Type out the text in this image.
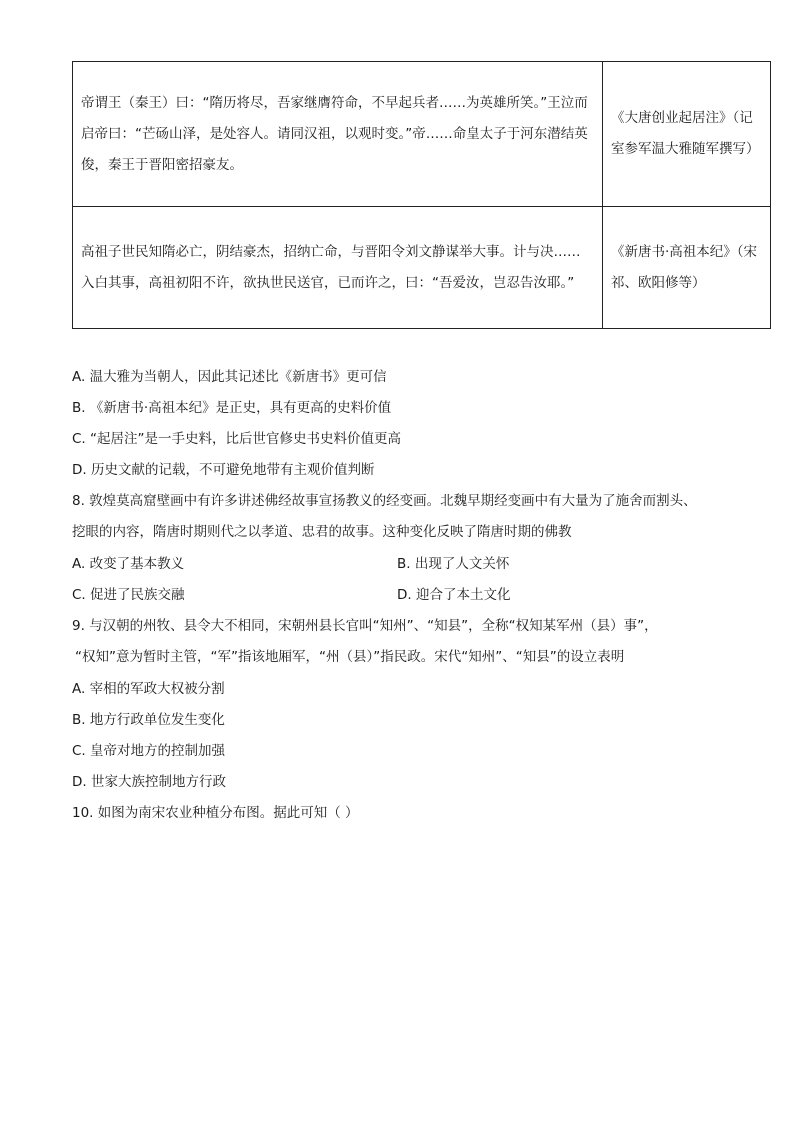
帝谓王（秦王）曰：“隋历将尽，吾家继膺符命，不早起兵者……为英雄所笑。”王泣而启帝曰：“芒砀山泽，是处容人。请同汉祖，以观时变。”帝……命皇太子于河东潜结英俊，秦王于晋阳密招豪友。	《大唐创业起居注》（记室参军温大雅随军撰写）
高祖子世民知隋必亡，阴结豪杰，招纳亡命，与晋阳令刘文静谋举大事。计与决……入白其事，高祖初阳不许，欲执世民送官，已而许之，曰：“吾爱汝，岂忍告汝耶。”	《新唐书·高祖本纪》（宋祁、欧阳修等）
A. 温大雅为当朝人，因此其记述比《新唐书》更可信
B. 《新唐书·高祖本纪》是正史，具有更高的史料价值
C. “起居注”是一手史料，比后世官修史书史料价值更高
D. 历史文献的记载，不可避免地带有主观价值判断
8. 敦煌莫高窟壁画中有许多讲述佛经故事宣扬教义的经变画。北魏早期经变画中有大量为了施舍而割头、
挖眼的内容，隋唐时期则代之以孝道、忠君的故事。这种变化反映了隋唐时期的佛教
A. 改变了基本教义	B. 出现了人文关怀
C. 促进了民族交融	D. 迎合了本土文化
9. 与汉朝的州牧、县令大不相同，宋朝州县长官叫“知州”、“知县”，全称“权知某军州（县）事”，
“权知”意为暂时主管，“军”指该地厢军，“州（县）”指民政。宋代“知州”、“知县”的设立表明
A. 宰相的军政大权被分割
B. 地方行政单位发生变化
C. 皇帝对地方的控制加强
D. 世家大族控制地方行政
10. 如图为南宋农业种植分布图。据此可知（ ）
